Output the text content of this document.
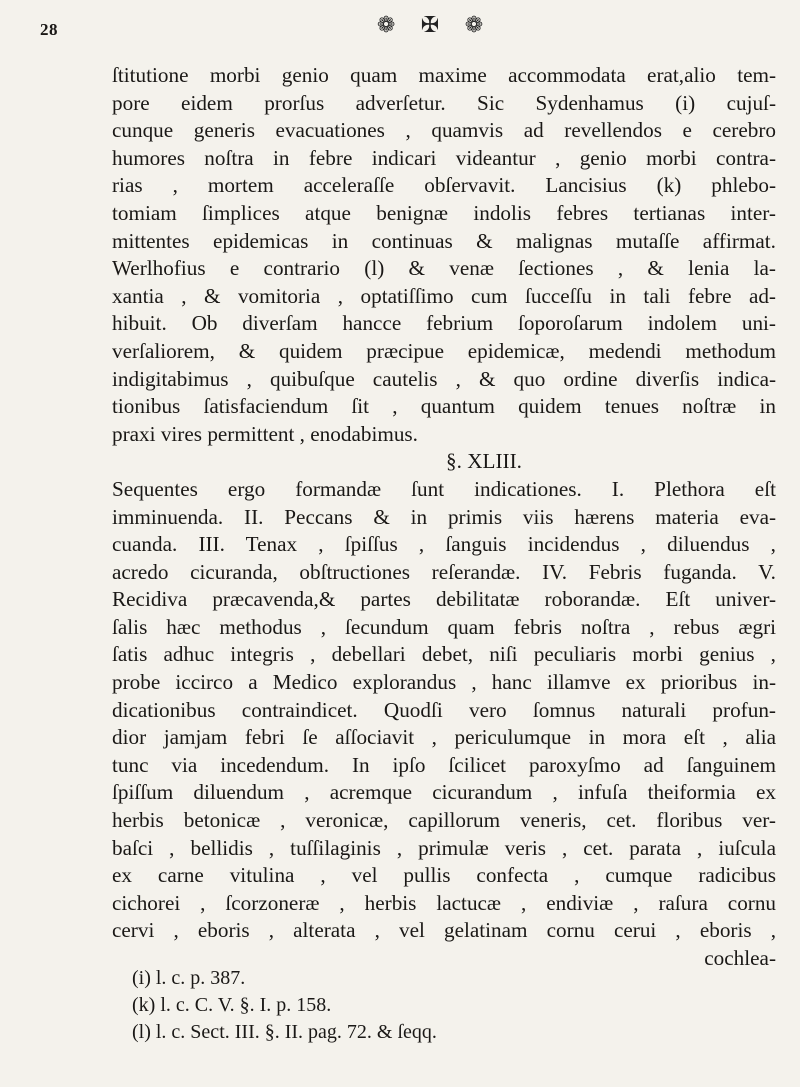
28	❁ ✠ ❁
ſtitutione morbi genio quam maxime accommodata erat,alio tem-
pore eidem prorſus adverſetur. Sic Sydenhamus (i) cujuſ-
cunque generis evacuationes , quamvis ad revellendos e cerebro
humores noſtra in febre indicari videantur , genio morbi contra-
rias , mortem acceleraſſe obſervavit. Lancisius (k) phlebo-
tomiam ſimplices atque benignæ indolis febres tertianas inter-
mittentes epidemicas in continuas & malignas mutaſſe affirmat.
Werlhofius e contrario (l) & venæ ſectiones , & lenia la-
xantia , & vomitoria , optatiſſimo cum ſucceſſu in tali febre ad-
hibuit. Ob diverſam hancce febrium ſoporoſarum indolem uni-
verſaliorem, & quidem præcipue epidemicæ, medendi methodum
indigitabimus , quibuſque cautelis , & quo ordine diverſis indica-
tionibus ſatisfaciendum ſit , quantum quidem tenues noſtræ in
praxi vires permittent , enodabimus.
§. XLIII.
Sequentes ergo formandæ ſunt indicationes. I. Plethora eſt
imminuenda. II. Peccans & in primis viis hærens materia eva-
cuanda. III. Tenax , ſpiſſus , ſanguis incidendus , diluendus ,
acredo cicuranda, obſtructiones reſerandæ. IV. Febris fuganda. V.
Recidiva præcavenda,& partes debilitatæ roborandæ. Eſt univer-
ſalis hæc methodus , ſecundum quam febris noſtra , rebus ægri
ſatis adhuc integris , debellari debet, niſi peculiaris morbi genius ,
probe iccirco a Medico explorandus , hanc illamve ex prioribus in-
dicationibus contraindicet. Quodſi vero ſomnus naturali profun-
dior jamjam febri ſe aſſociavit , periculumque in mora eſt , alia
tunc via incedendum. In ipſo ſcilicet paroxyſmo ad ſanguinem
ſpiſſum diluendum , acremque cicurandum , infuſa theiformia ex
herbis betonicæ , veronicæ, capillorum veneris, cet. floribus ver-
baſci , bellidis , tuſſilaginis , primulæ veris , cet. parata , iuſcula
ex carne vitulina , vel pullis confecta , cumque radicibus
cichorei , ſcorzoneræ , herbis lactucæ , endiviæ , raſura cornu
cervi , eboris , alterata , vel gelatinam cornu cerui , eboris ,
cochlea-
(i) l. c. p. 387.
(k) l. c. C. V. §. I. p. 158.
(l) l. c. Sect. III. §. II. pag. 72. & ſeqq.
